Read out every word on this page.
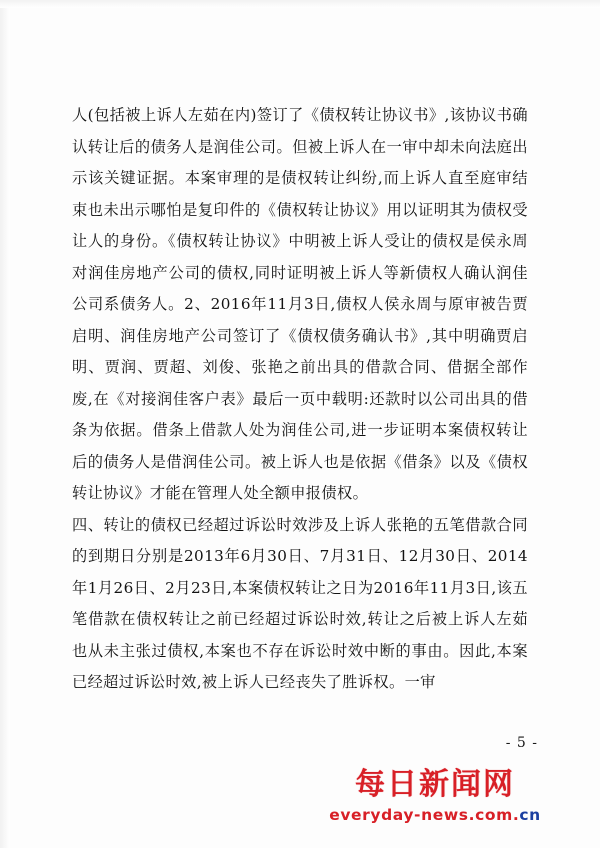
人(包括被上诉人左茹在内)签订了《债权转让协议书》,该协议书确认转让后的债务人是润佳公司。但被上诉人在一审中却未向法庭出示该关键证据。本案审理的是债权转让纠纷,而上诉人直至庭审结束也未出示哪怕是复印件的《债权转让协议》用以证明其为债权受让人的身份。《债权转让协议》中明被上诉人受让的债权是侯永周对润佳房地产公司的债权,同时证明被上诉人等新债权人确认润佳公司系债务人。2、2016年11月3日,债权人侯永周与原审被告贾启明、润佳房地产公司签订了《债权债务确认书》,其中明确贾启明、贾润、贾超、刘俊、张艳之前出具的借款合同、借据全部作废,在《对接润佳客户表》最后一页中载明:还款时以公司出具的借条为依据。借条上借款人处为润佳公司,进一步证明本案债权转让后的债务人是借润佳公司。被上诉人也是依据《借条》以及《债权转让协议》才能在管理人处全额申报债权。

四、转让的债权已经超过诉讼时效涉及上诉人张艳的五笔借款合同的到期日分别是2013年6月30日、7月31日、12月30日、2014年1月26日、2月23日,本案债权转让之日为2016年11月3日,该五笔借款在债权转让之前已经超过诉讼时效,转让之后被上诉人左茹也从未主张过债权,本案也不存在诉讼时效中断的事由。因此,本案已经超过诉讼时效,被上诉人已经丧失了胜诉权。一审

- 5 -
每日新闻网
everyday-news.com.cn
